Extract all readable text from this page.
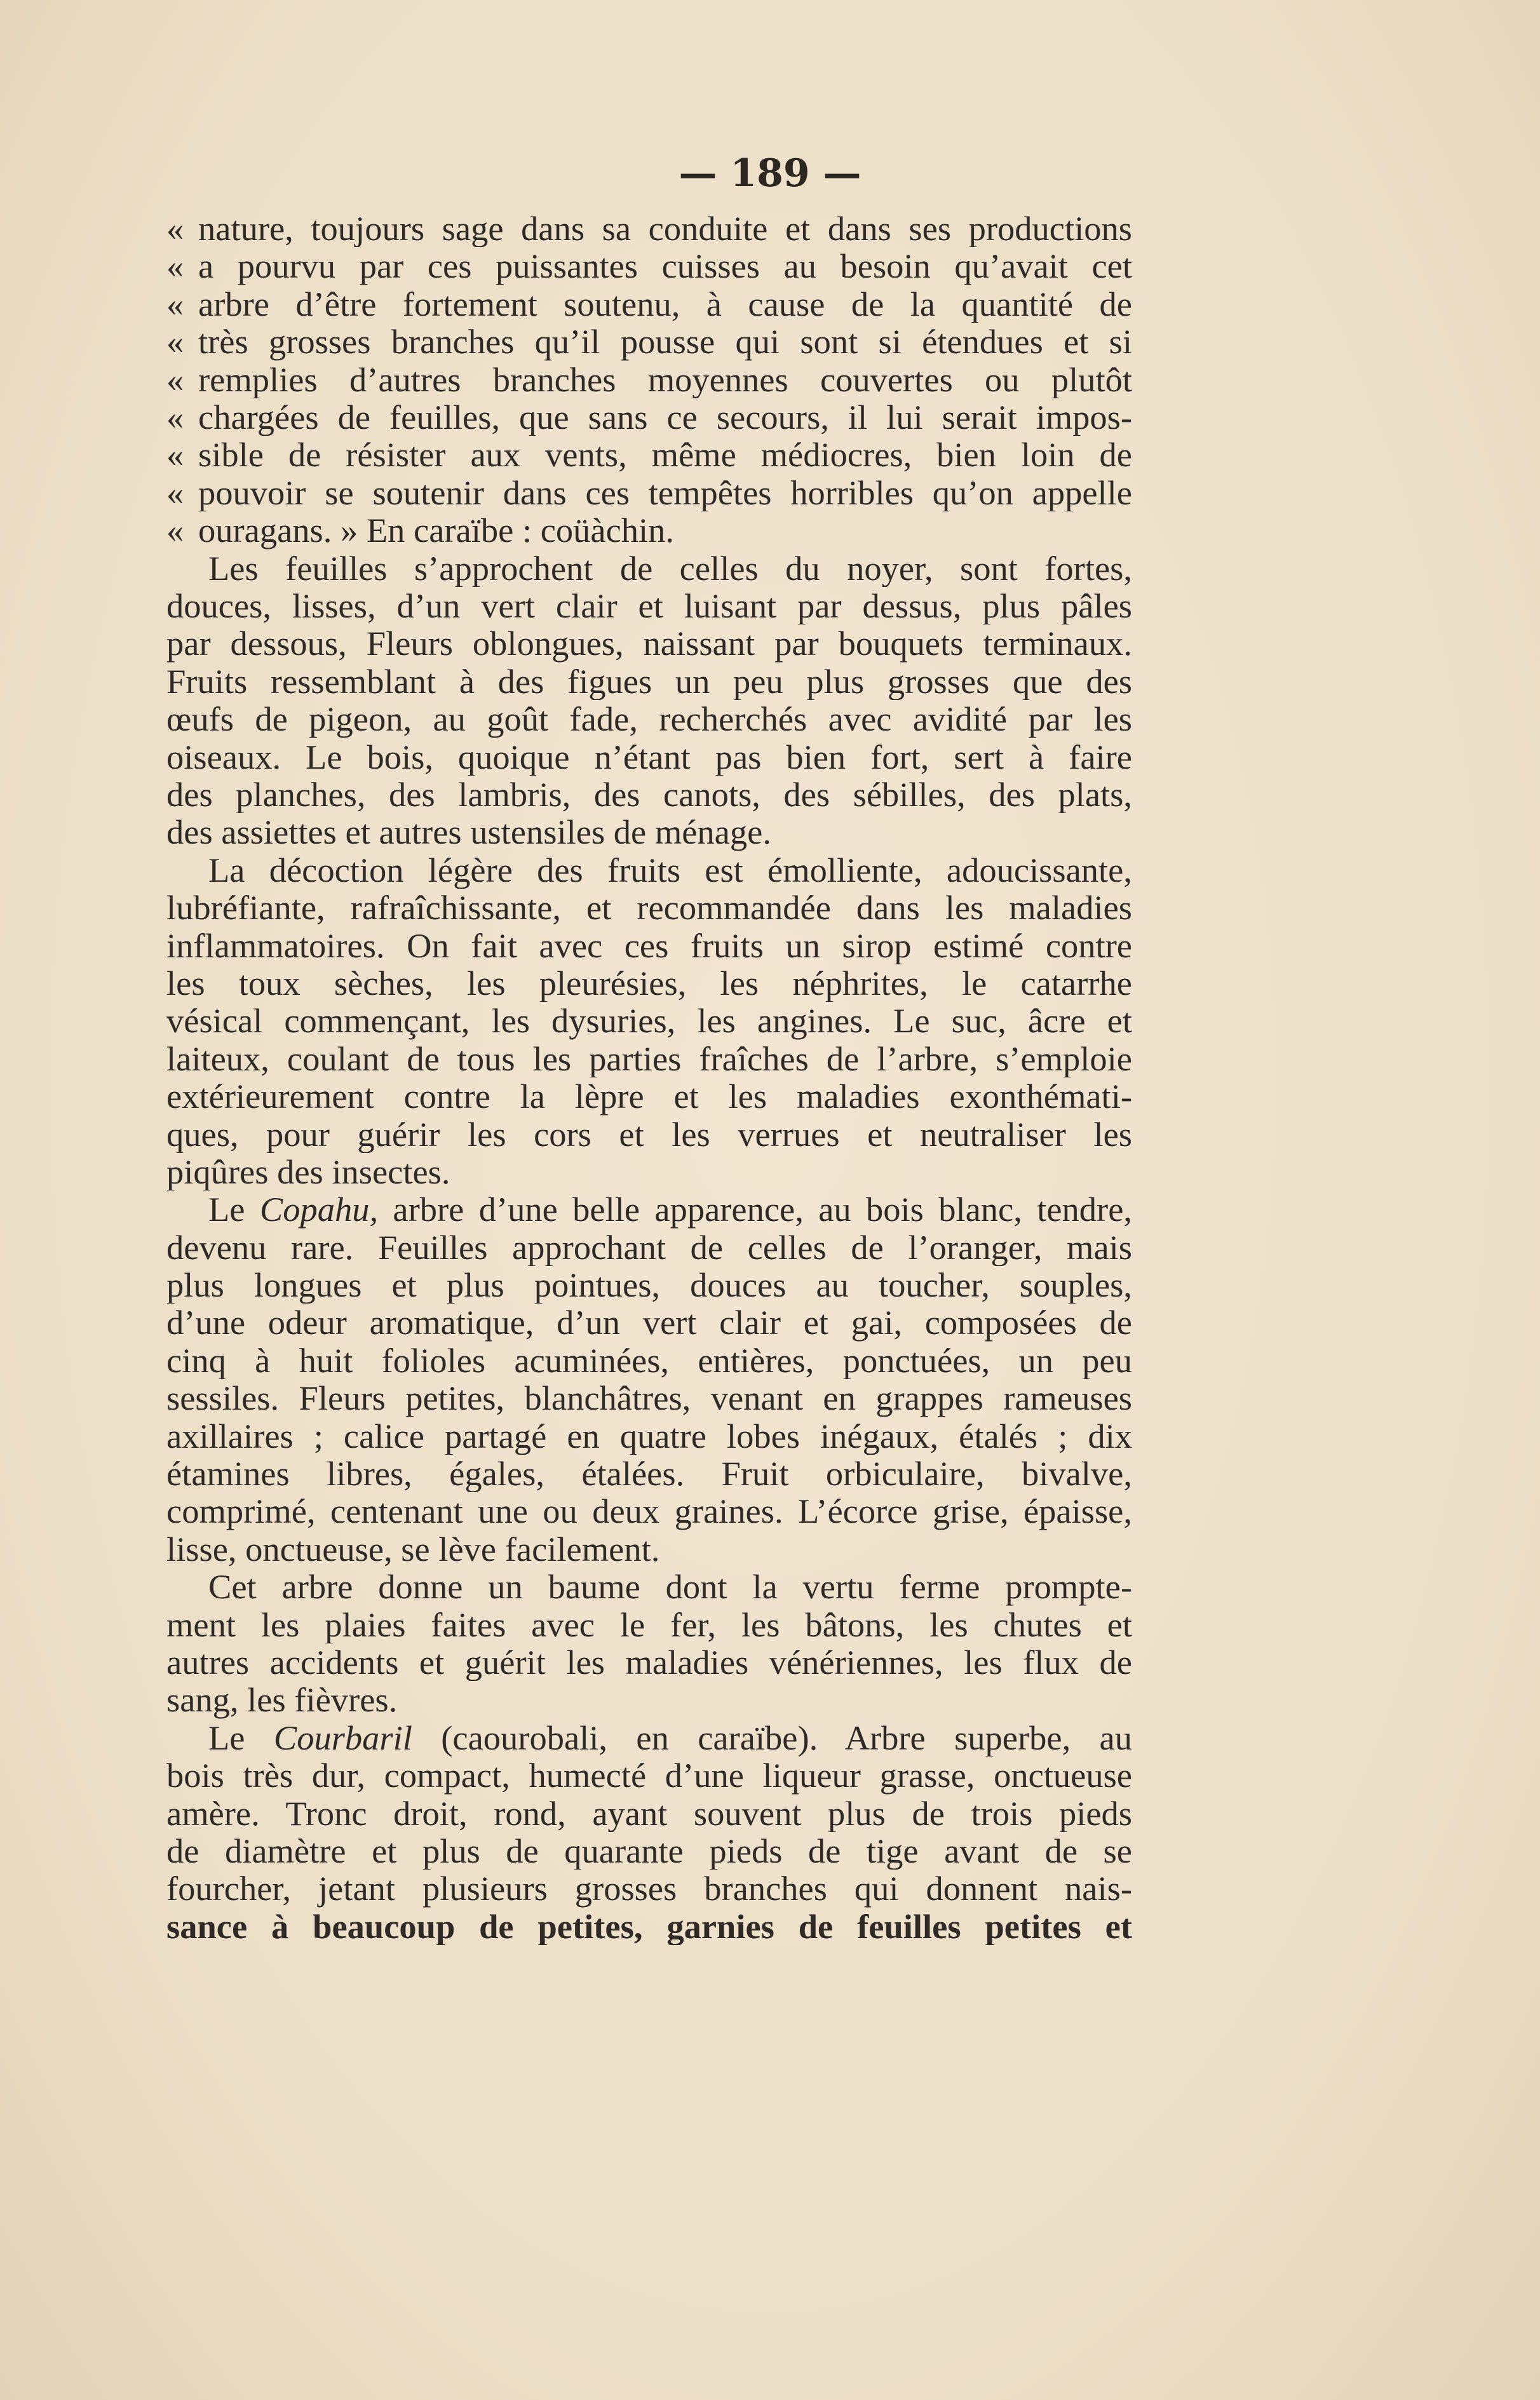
— 189 —
« nature, toujours sage dans sa conduite et dans ses productions
« a pourvu par ces puissantes cuisses au besoin qu’avait cet
« arbre d’être fortement soutenu, à cause de la quantité de
« très grosses branches qu’il pousse qui sont si étendues et si
« remplies d’autres branches moyennes couvertes ou plutôt
« chargées de feuilles, que sans ce secours, il lui serait impos-
« sible de résister aux vents, même médiocres, bien loin de
« pouvoir se soutenir dans ces tempêtes horribles qu’on appelle
« ouragans. » En caraïbe : coüàchin.
Les feuilles s’approchent de celles du noyer, sont fortes,
douces, lisses, d’un vert clair et luisant par dessus, plus pâles
par dessous, Fleurs oblongues, naissant par bouquets terminaux.
Fruits ressemblant à des figues un peu plus grosses que des
œufs de pigeon, au goût fade, recherchés avec avidité par les
oiseaux. Le bois, quoique n’étant pas bien fort, sert à faire
des planches, des lambris, des canots, des sébilles, des plats,
des assiettes et autres ustensiles de ménage.
La décoction légère des fruits est émolliente, adoucissante,
lubréfiante, rafraîchissante, et recommandée dans les maladies
inflammatoires. On fait avec ces fruits un sirop estimé contre
les toux sèches, les pleurésies, les néphrites, le catarrhe
vésical commençant, les dysuries, les angines. Le suc, âcre et
laiteux, coulant de tous les parties fraîches de l’arbre, s’emploie
extérieurement contre la lèpre et les maladies exonthémati-
ques, pour guérir les cors et les verrues et neutraliser les
piqûres des insectes.
Le Copahu, arbre d’une belle apparence, au bois blanc, tendre,
devenu rare. Feuilles approchant de celles de l’oranger, mais
plus longues et plus pointues, douces au toucher, souples,
d’une odeur aromatique, d’un vert clair et gai, composées de
cinq à huit folioles acuminées, entières, ponctuées, un peu
sessiles. Fleurs petites, blanchâtres, venant en grappes rameuses
axillaires ; calice partagé en quatre lobes inégaux, étalés ; dix
étamines libres, égales, étalées. Fruit orbiculaire, bivalve,
comprimé, centenant une ou deux graines. L’écorce grise, épaisse,
lisse, onctueuse, se lève facilement.
Cet arbre donne un baume dont la vertu ferme prompte-
ment les plaies faites avec le fer, les bâtons, les chutes et
autres accidents et guérit les maladies vénériennes, les flux de
sang, les fièvres.
Le Courbaril (caourobali, en caraïbe). Arbre superbe, au
bois très dur, compact, humecté d’une liqueur grasse, onctueuse
amère. Tronc droit, rond, ayant souvent plus de trois pieds
de diamètre et plus de quarante pieds de tige avant de se
fourcher, jetant plusieurs grosses branches qui donnent nais-
sance à beaucoup de petites, garnies de feuilles petites et
